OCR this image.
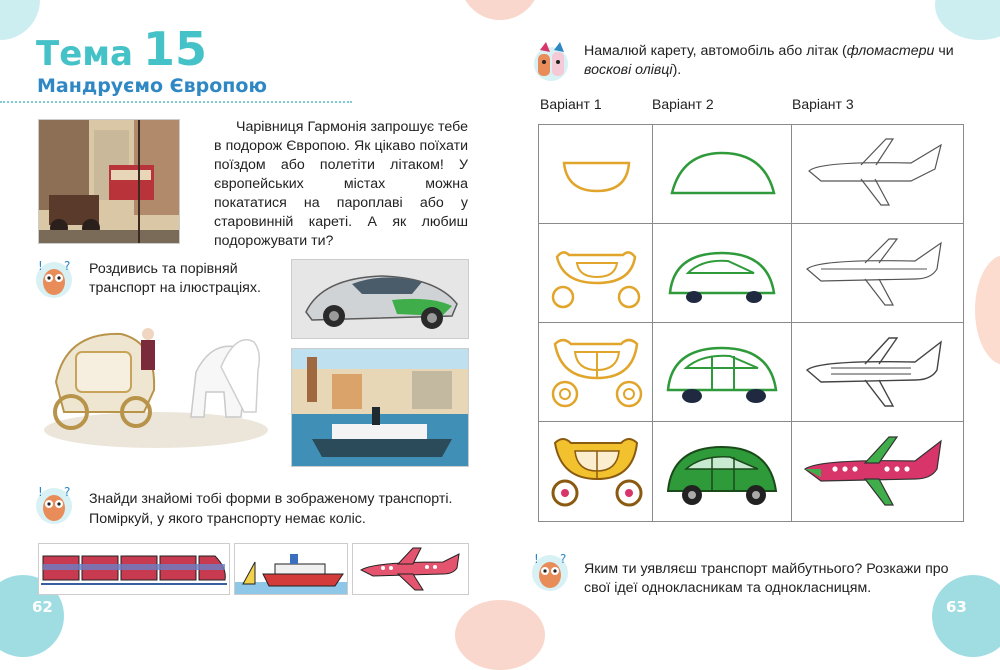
Тема 15
Мандруємо Європою
Чарівниця Гармонія запрошує тебе в подорож Європою. Як цікаво поїхати поїздом або полетіти літаком! У європейських містах можна покататися на пароплаві або у старовинній кареті. А як любиш подорожувати ти?
! ? Роздивись та порівняй транспорт на ілюстраціях.
! ? Знайди знайомі тобі форми в зображеному транспорті.
Поміркуй, у якого транспорту немає коліс.
62
Намалюй карету, автомобіль або літак (фломастери чи воскові олівці).
Варіант 1	Варіант 2	Варіант 3
! ?
Яким ти уявляєш транспорт майбутнього? Розкажи про свої ідеї однокласникам та однокласницям.
63
